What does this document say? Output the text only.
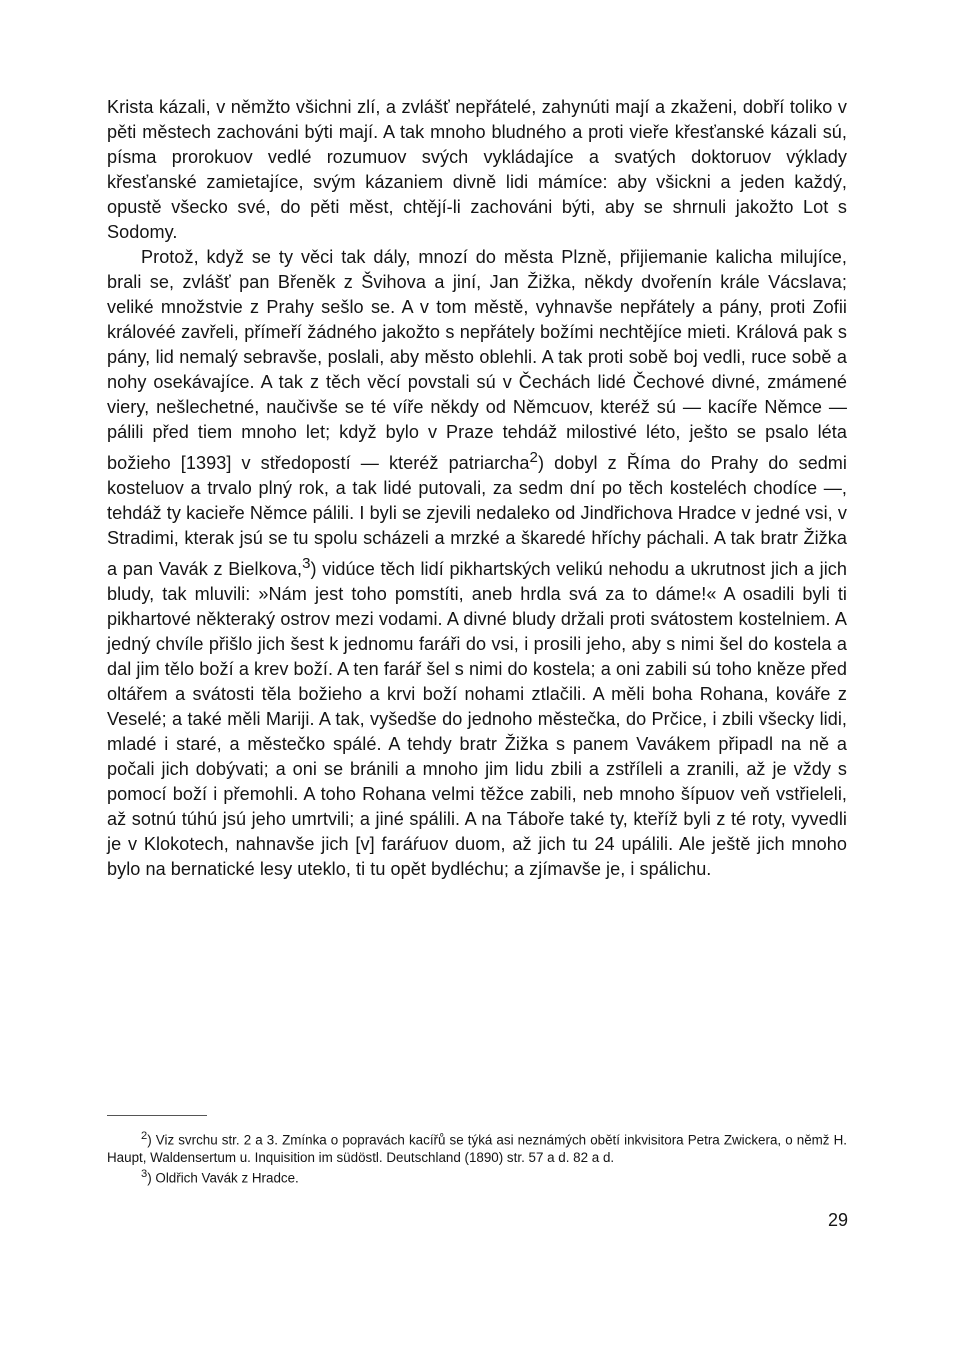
Krista kázali, v němžto všichni zlí, a zvlášť nepřátelé, zahynúti mají a zkaženi, dobří toliko v pěti městech zachováni býti mají. A tak mnoho bludného a proti vieře křesťanské kázali sú, písma prorokuov vedlé rozumuov svých vykládajíce a svatých doktoruov výklady křesťanské zamietajíce, svým kázaniem divně lidi mámíce: aby všickni a jeden každý, opustě všecko své, do pěti měst, chtějí-li zachováni býti, aby se shrnuli jakožto Lot s Sodomy.

Protož, když se ty věci tak dály, mnozí do města Plzně, přijiemanie kalicha milujíce, brali se, zvlášť pan Břeněk z Švihova a jiní, Jan Žižka, někdy dvořenín krále Vácslava; veliké množstvie z Prahy sešlo se. A v tom městě, vyhnavše nepřátely a pány, proti Zofii královéé zavřeli, přímeří žádného jakožto s nepřátely božími nechtějíce mieti. Králová pak s pány, lid nemalý sebravše, poslali, aby město oblehli. A tak proti sobě boj vedli, ruce sobě a nohy osekávajíce. A tak z těch věcí povstali sú v Čechách lidé Čechové divné, zmámené viery, nešlechetné, naučivše se té víře někdy od Němcuov, kteréž sú — kacíře Němce — pálili před tiem mnoho let; když bylo v Praze tehdáž milostivé léto, ješto se psalo léta božieho [1393] v středopostí — kteréž patriarcha$^2$) dobyl z Říma do Prahy do sedmi kosteluov a trvalo plný rok, a tak lidé putovali, za sedm dní po těch kosteléch chodíce —, tehdáž ty kacieře Němce pálili. I byli se zjevili nedaleko od Jindřichova Hradce v jedné vsi, v Stradimi, kterak jsú se tu spolu scházeli a mrzké a škaredé hříchy páchali. A tak bratr Žižka a pan Vavák z Bielkova,$^3$) vidúce těch lidí pikhartských velikú nehodu a ukrutnost jich a jich bludy, tak mluvili: »Nám jest toho pomstíti, aneb hrdla svá za to dáme!« A osadili byli ti pikhartové některaký ostrov mezi vodami. A divné bludy držali proti svátostem kostelniem. A jedný chvíle přišlo jich šest k jednomu faráři do vsi, i prosili jeho, aby s nimi šel do kostela a dal jim tělo boží a krev boží. A ten farář šel s nimi do kostela; a oni zabili sú toho kněze před oltářem a svátosti těla božieho a krvi boží nohami ztlačili. A měli boha Rohana, kováře z Veselé; a také měli Mariji. A tak, vyšedše do jednoho městečka, do Prčice, i zbili všecky lidi, mladé i staré, a městečko spálé. A tehdy bratr Žižka s panem Vavákem připadl na ně a počali jich dobývati; a oni se bránili a mnoho jim lidu zbili a zstříleli a zranili, až je vždy s pomocí boží i přemohli. A toho Rohana velmi těžce zabili, neb mnoho šípuov veň vstřieleli, až sotnú túhú jsú jeho umrtvili; a jiné spálili. A na Táboře také ty, kteříž byli z té roty, vyvedli je v Klokotech, nahnavše jich [v] faráŕuov duom, až jich tu 24 upálili. Ale ještě jich mnoho bylo na bernatické lesy uteklo, ti tu opět bydléchu; a zjímavše je, i spálichu.

$^2$) Viz svrchu str. 2 a 3. Zmínka o popravách kacířů se týká asi neznámých obětí inkvisitora Petra Zwickera, o němž H. Haupt, Waldensertum u. Inquisition im südöstl. Deutschland (1890) str. 57 a d. 82 a d.

$^3$) Oldřich Vavák z Hradce.

29
